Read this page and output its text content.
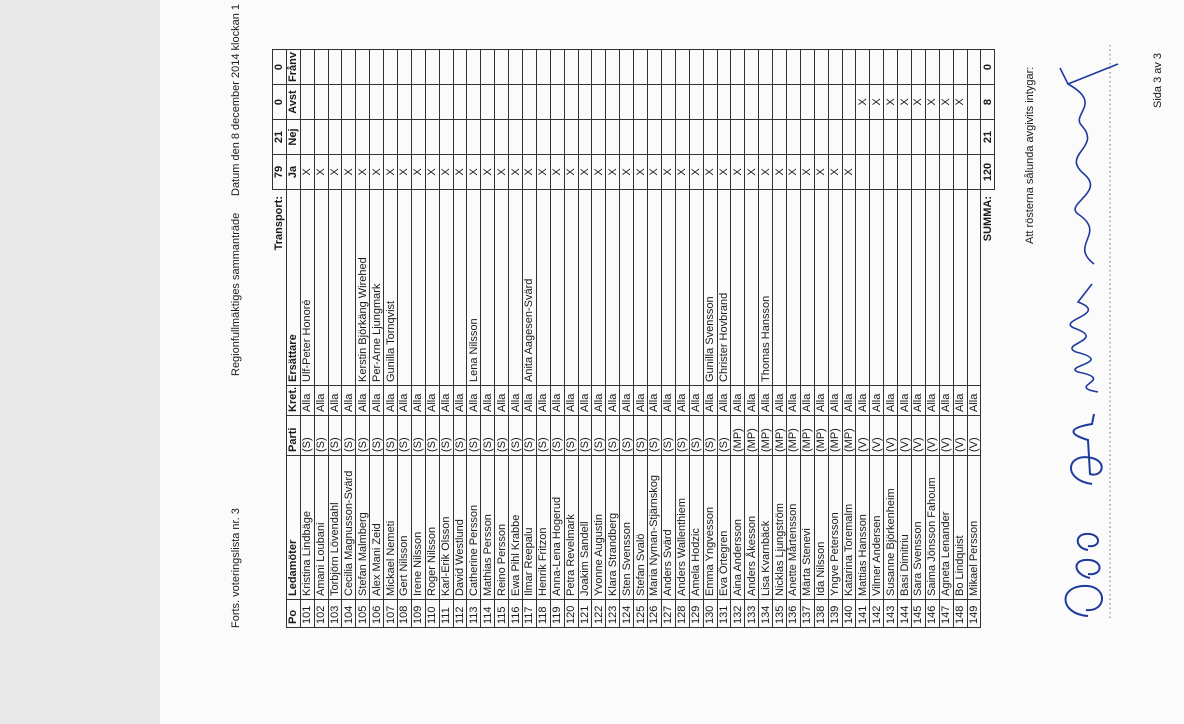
Forts. voteringslista nr. 3
Regionfullmäktiges sammanträde
Datum den 8 december 2014 klockan 1
Transport:					79	21	0	0
Po	Ledamöter	Parti	Kret.	Ersättare	Ja	Nej	Avst	Frånv
101	Kristina Lindbäge	(S)	Alla	Ulf-Peter Honoré	X			
102	Amani Loubani	(S)	Alla		X			
103	Torbjörn Lövendahl	(S)	Alla		X			
104	Cecilia Magnusson-Svärd	(S)	Alla		X			
105	Stefan Malmberg	(S)	Alla	Kerstin Björkäng Wirehed	X			
106	Alex Mani Zeid	(S)	Alla	Per-Arne Ljungmark	X			
107	Mickael Nemeti	(S)	Alla	Gunilla Tornqvist	X			
108	Gert Nilsson	(S)	Alla		X			
109	Irene Nilsson	(S)	Alla		X			
110	Roger Nilsson	(S)	Alla		X			
111	Karl-Erik Olsson	(S)	Alla		X			
112	David Westlund	(S)	Alla		X			
113	Catherine Persson	(S)	Alla	Lena Nilsson	X			
114	Mathias Persson	(S)	Alla		X			
115	Reino Persson	(S)	Alla		X			
116	Ewa Pihl Krabbe	(S)	Alla		X			
117	Ilmar Reepalu	(S)	Alla	Anita Aagesen-Svärd	X			
118	Henrik Fritzon	(S)	Alla		X			
119	Anna-Lena Hogerud	(S)	Alla		X			
120	Petra Revelmark	(S)	Alla		X			
121	Joakim Sandell	(S)	Alla		X			
122	Yvonne Augustin	(S)	Alla		X			
123	Klara Strandberg	(S)	Alla		X			
124	Sten Svensson	(S)	Alla		X			
125	Stefan Svalö	(S)	Alla		X			
126	Maria Nyman-Stjärnskog	(S)	Alla		X			
127	Anders Svärd	(S)	Alla		X			
128	Anders Wallenthiem	(S)	Alla		X			
129	Amela Hodzic	(S)	Alla		X			
130	Emma Yngvesson	(S)	Alla	Gunilla Svensson	X			
131	Eva Örtegren	(S)	Alla	Christer Hovbrand	X			
132	Aina Andersson	(MP)	Alla		X			
133	Anders Åkesson	(MP)	Alla		X			
134	Lisa Kvarnbäck	(MP)	Alla	Thomas Hansson	X			
135	Nicklas Ljungström	(MP)	Alla		X			
136	Anette Mårtensson	(MP)	Alla		X			
137	Märta Stenevi	(MP)	Alla		X			
138	Ida Nilsson	(MP)	Alla		X			
139	Yngve Petersson	(MP)	Alla		X			
140	Katarina Toremalm	(MP)	Alla		X			
141	Mattias Hansson	(V)	Alla				X	
142	Vilmer Andersen	(V)	Alla				X	
143	Susanne Björkenheim	(V)	Alla				X	
144	Basi Dimitriu	(V)	Alla				X	
145	Sara Svensson	(V)	Alla				X	
146	Saima Jönsson Fahoum	(V)	Alla				X	
147	Agneta Lenander	(V)	Alla				X	
148	Bo Lindquist	(V)	Alla				X	
149	Mikael Persson	(V)	Alla					
SUMMA:					120	21	8	0	Att rösterna sålunda avgivits intygar:	Sida 3 av 3
